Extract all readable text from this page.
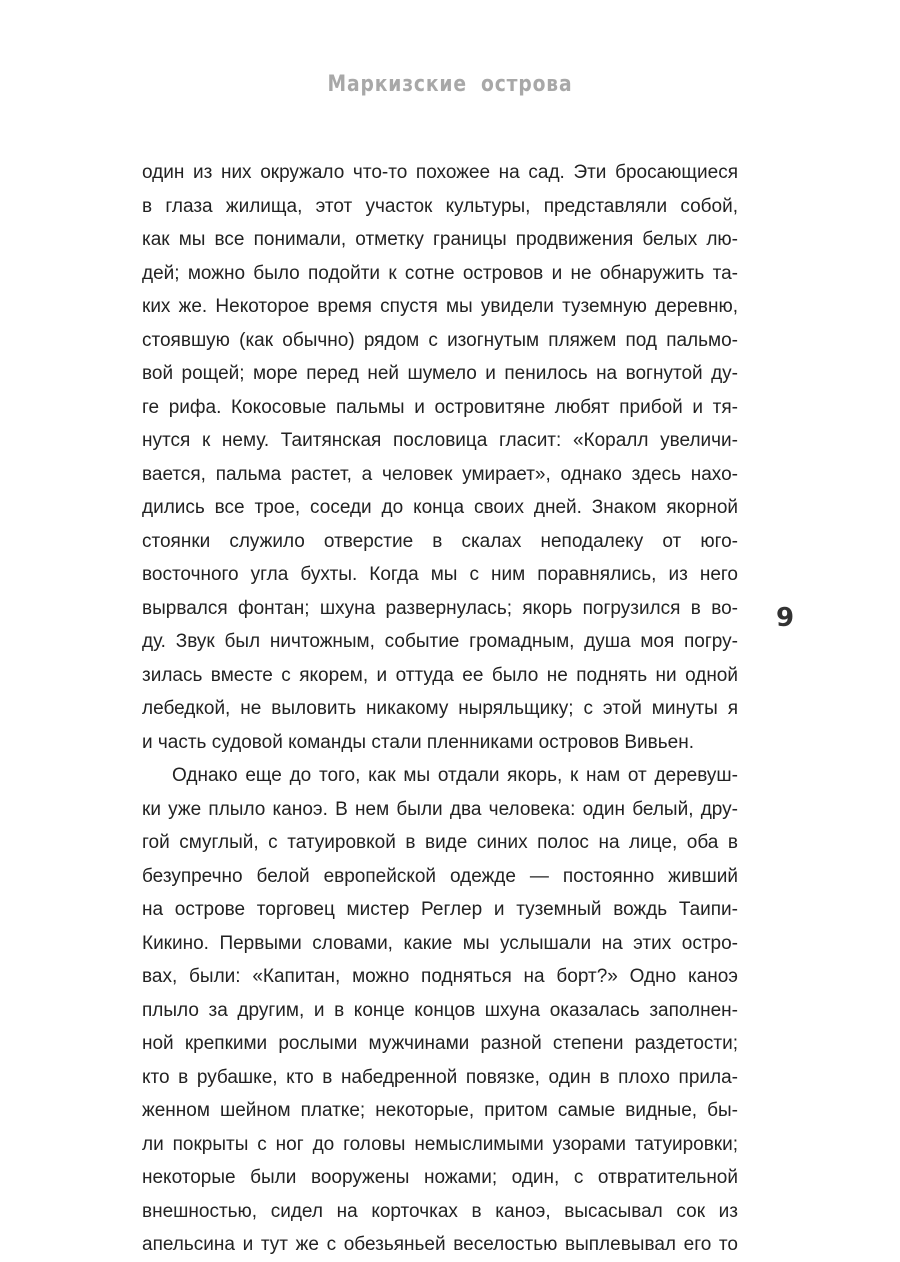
Маркизские острова
один из них окружало что-то похожее на сад. Эти бросающиеся
в глаза жилища, этот участок культуры, представляли собой,
как мы все понимали, отметку границы продвижения белых лю-
дей; можно было подойти к сотне островов и не обнаружить та-
ких же. Некоторое время спустя мы увидели туземную деревню,
стоявшую (как обычно) рядом с изогнутым пляжем под пальмо-
вой рощей; море перед ней шумело и пенилось на вогнутой ду-
ге рифа. Кокосовые пальмы и островитяне любят прибой и тя-
нутся к нему. Таитянская пословица гласит: «Коралл увеличи-
вается, пальма растет, а человек умирает», однако здесь нахо-
дились все трое, соседи до конца своих дней. Знаком якорной
стоянки служило отверстие в скалах неподалеку от юго-
восточного угла бухты. Когда мы с ним поравнялись, из него
вырвался фонтан; шхуна развернулась; якорь погрузился в во-
ду. Звук был ничтожным, событие громадным, душа моя погру-
зилась вместе с якорем, и оттуда ее было не поднять ни одной
лебедкой, не выловить никакому ныряльщику; с этой минуты я
и часть судовой команды стали пленниками островов Вивьен.
Однако еще до того, как мы отдали якорь, к нам от деревуш-
ки уже плыло каноэ. В нем были два человека: один белый, дру-
гой смуглый, с татуировкой в виде синих полос на лице, оба в
безупречно белой европейской одежде — постоянно живший
на острове торговец мистер Реглер и туземный вождь Таипи-
Кикино. Первыми словами, какие мы услышали на этих остро-
вах, были: «Капитан, можно подняться на борт?» Одно каноэ
плыло за другим, и в конце концов шхуна оказалась заполнен-
ной крепкими рослыми мужчинами разной степени раздетости;
кто в рубашке, кто в набедренной повязке, один в плохо прила-
женном шейном платке; некоторые, притом самые видные, бы-
ли покрыты с ног до головы немыслимыми узорами татуировки;
некоторые были вооружены ножами; один, с отвратительной
внешностью, сидел на корточках в каноэ, высасывал сок из
апельсина и тут же с обезьяньей веселостью выплевывал его то
9
